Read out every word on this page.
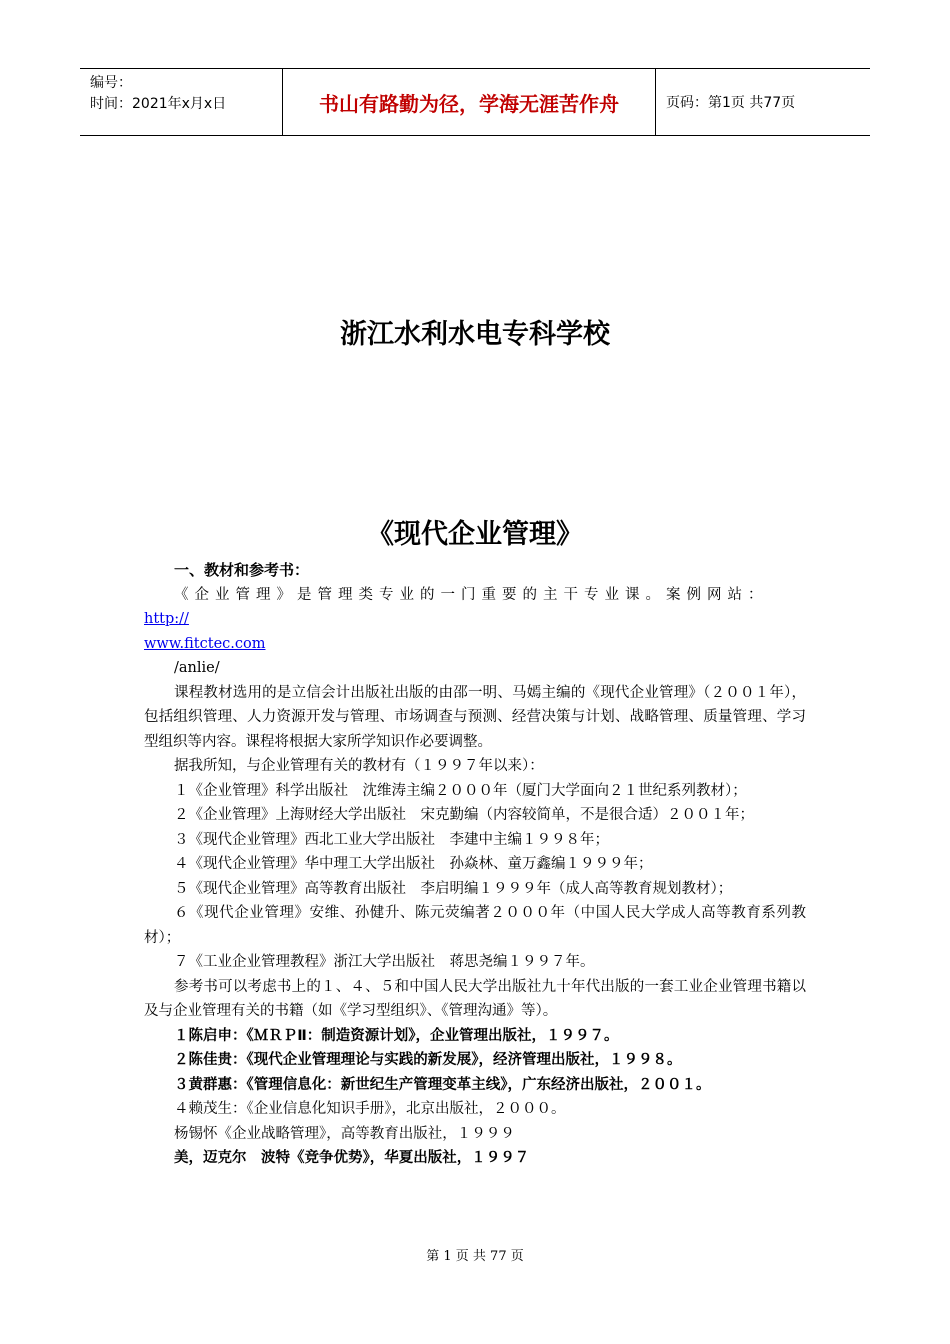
编号：
时间：2021年x月x日	书山有路勤为径，学海无涯苦作舟	页码：第1页 共77页
浙江水利水电专科学校
《现代企业管理》

一、教材和参考书：

《企业管理》是管理类专业的一门重要的主干专业课。案例网站：http://

www.fitctec.com

/anlie/

课程教材选用的是立信会计出版社出版的由邵一明、马嫣主编的《现代企业管理》（２００１年），包括组织管理、人力资源开发与管理、市场调查与预测、经营决策与计划、战略管理、质量管理、学习型组织等内容。课程将根据大家所学知识作必要调整。

据我所知，与企业管理有关的教材有（１９９７年以来）：

１《企业管理》科学出版社　沈维涛主编２０００年（厦门大学面向２１世纪系列教材）；

２《企业管理》上海财经大学出版社　宋克勤编（内容较简单，不是很合适）２００１年；

３《现代企业管理》西北工业大学出版社　李建中主编１９９８年；

４《现代企业管理》华中理工大学出版社　孙焱林、童万鑫编１９９９年；

５《现代企业管理》高等教育出版社　李启明编１９９９年（成人高等教育规划教材）；

６《现代企业管理》安维、孙健升、陈元荧编著２０００年（中国人民大学成人高等教育系列教材）；

７《工业企业管理教程》浙江大学出版社　蒋思尧编１９９７年。

参考书可以考虑书上的１、４、５和中国人民大学出版社九十年代出版的一套工业企业管理书籍以及与企业管理有关的书籍（如《学习型组织》、《管理沟通》等）。

１陈启申：《ＭＲＰⅡ：制造资源计划》，企业管理出版社，１９９７。

２陈佳贵：《现代企业管理理论与实践的新发展》，经济管理出版社，１９９８。

３黄群惠：《管理信息化：新世纪生产管理变革主线》，广东经济出版社，２００１。

４赖茂生：《企业信息化知识手册》，北京出版社，２０００。

杨锡怀《企业战略管理》，高等教育出版社，１９９９

美，迈克尔　波特《竞争优势》，华夏出版社，１９９７

第 1 页 共 77 页
